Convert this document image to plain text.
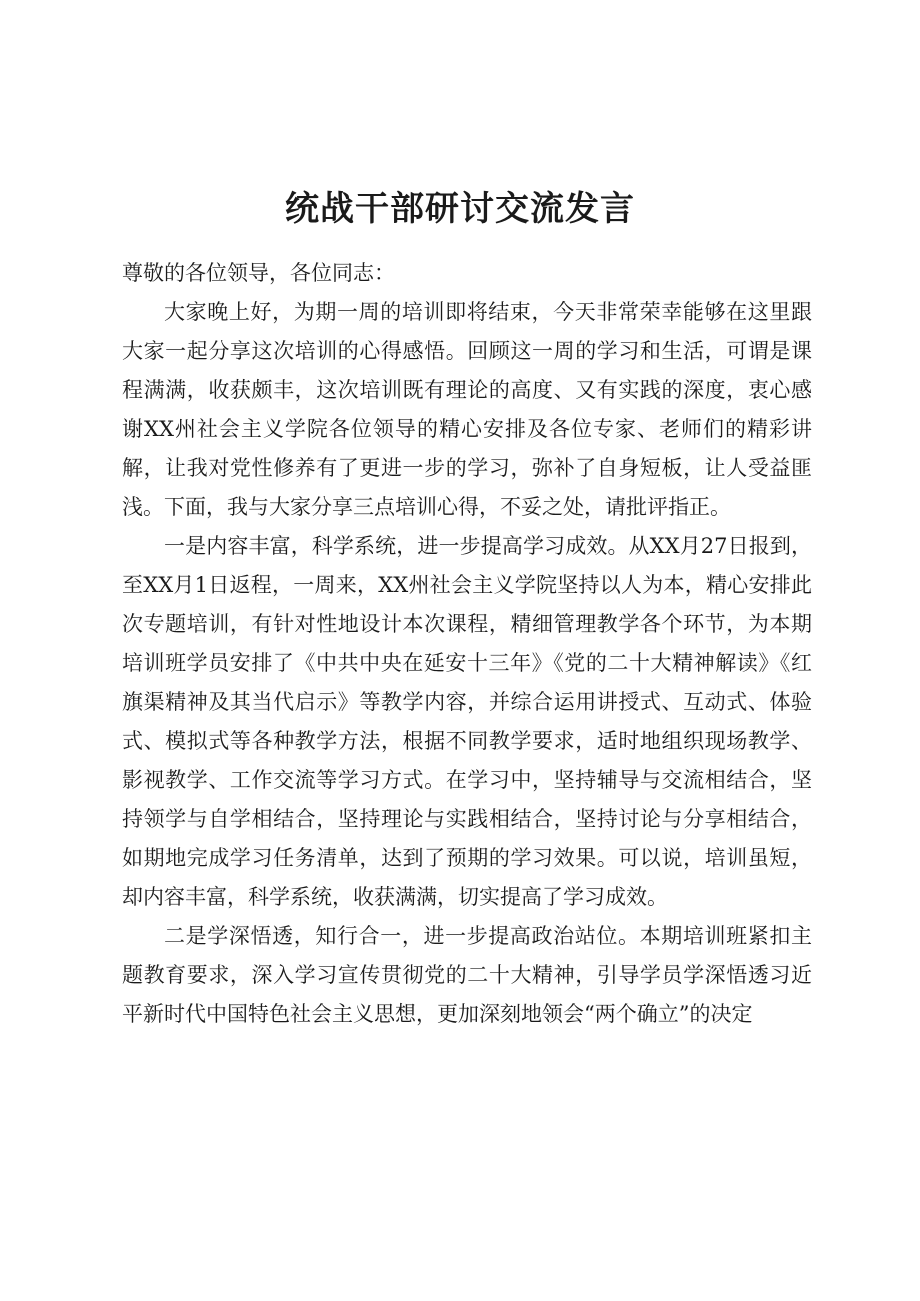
统战干部研讨交流发言

尊敬的各位领导，各位同志：

大家晚上好，为期一周的培训即将结束，今天非常荣幸能够在这里跟大家一起分享这次培训的心得感悟。回顾这一周的学习和生活，可谓是课程满满，收获颇丰，这次培训既有理论的高度、又有实践的深度，衷心感谢XX州社会主义学院各位领导的精心安排及各位专家、老师们的精彩讲解，让我对党性修养有了更进一步的学习，弥补了自身短板，让人受益匪浅。下面，我与大家分享三点培训心得，不妥之处，请批评指正。

一是内容丰富，科学系统，进一步提高学习成效。从XX月27日报到，至XX月1日返程，一周来，XX州社会主义学院坚持以人为本，精心安排此次专题培训，有针对性地设计本次课程，精细管理教学各个环节，为本期培训班学员安排了《中共中央在延安十三年》《党的二十大精神解读》《红旗渠精神及其当代启示》等教学内容，并综合运用讲授式、互动式、体验式、模拟式等各种教学方法，根据不同教学要求，适时地组织现场教学、影视教学、工作交流等学习方式。在学习中，坚持辅导与交流相结合，坚持领学与自学相结合，坚持理论与实践相结合，坚持讨论与分享相结合，如期地完成学习任务清单，达到了预期的学习效果。可以说，培训虽短，却内容丰富，科学系统，收获满满，切实提高了学习成效。

二是学深悟透，知行合一，进一步提高政治站位。本期培训班紧扣主题教育要求，深入学习宣传贯彻党的二十大精神，引导学员学深悟透习近平新时代中国特色社会主义思想，更加深刻地领会“两个确立”的决定
